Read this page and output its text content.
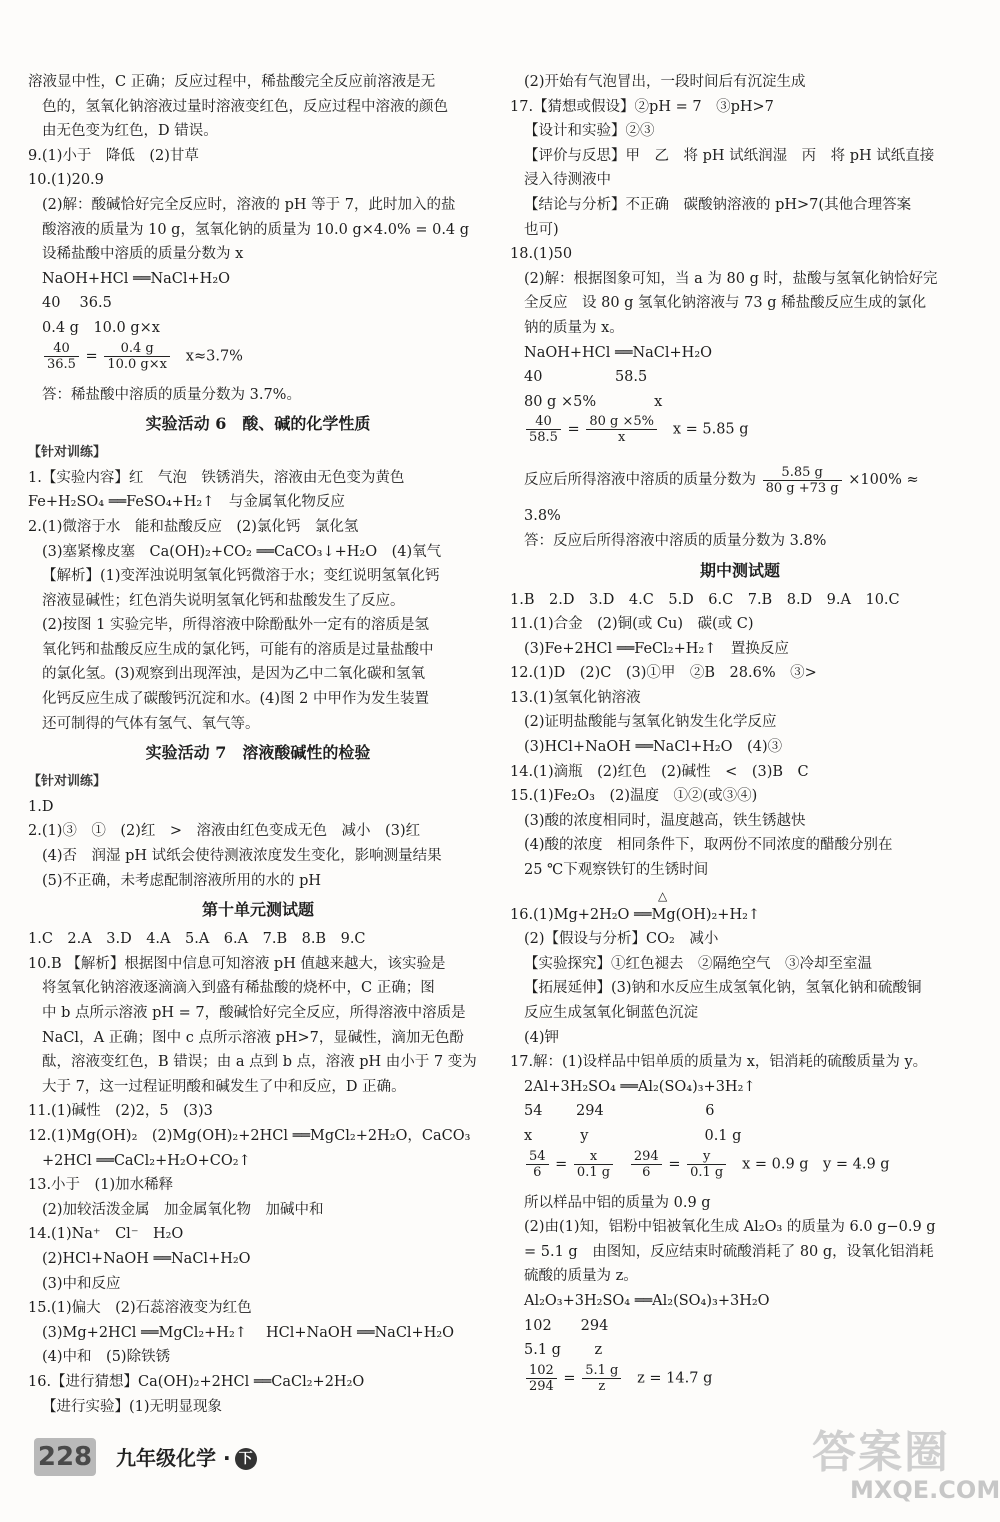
溶液显中性，C 正确；反应过程中，稀盐酸完全反应前溶液是无
色的，氢氧化钠溶液过量时溶液变红色，反应过程中溶液的颜色
由无色变为红色，D 错误。
9.(1)小于　降低　(2)甘草
10.(1)20.9
(2)解：酸碱恰好完全反应时，溶液的 pH 等于 7，此时加入的盐
酸溶液的质量为 10 g，氢氧化钠的质量为 10.0 g×4.0% = 0.4 g
设稀盐酸中溶质的质量分数为 x
NaOH+HCl ══NaCl+H₂O
40　 36.5
0.4 g　10.0 g×x
$\frac{40}{36.5} = \frac{0.4 g}{10.0 g\times x} x\approx 3.7\%$
答：稀盐酸中溶质的质量分数为 3.7%。
实验活动 6　酸、碱的化学性质
【针对训练】
1.【实验内容】红　气泡　铁锈消失，溶液由无色变为黄色
Fe+H₂SO₄ ══FeSO₄+H₂↑　与金属氧化物反应
2.(1)微溶于水　能和盐酸反应　(2)氯化钙　氯化氢
(3)塞紧橡皮塞　Ca(OH)₂+CO₂ ══CaCO₃↓+H₂O　(4)氧气
【解析】(1)变浑浊说明氢氧化钙微溶于水；变红说明氢氧化钙
溶液显碱性；红色消失说明氢氧化钙和盐酸发生了反应。
(2)按图 1 实验完毕，所得溶液中除酚酞外一定有的溶质是氢
氧化钙和盐酸反应生成的氯化钙，可能有的溶质是过量盐酸中
的氯化氢。(3)观察到出现浑浊，是因为乙中二氧化碳和氢氧
化钙反应生成了碳酸钙沉淀和水。(4)图 2 中甲作为发生装置
还可制得的气体有氢气、氧气等。
实验活动 7　溶液酸碱性的检验
【针对训练】
1.D
2.(1)③　①　(2)红　>　溶液由红色变成无色　减小　(3)红
(4)否　润湿 pH 试纸会使待测液浓度发生变化，影响测量结果
(5)不正确，未考虑配制溶液所用的水的 pH
第十单元测试题
1.C　2.A　3.D　4.A　5.A　6.A　7.B　8.B　9.C
10.B 【解析】根据图中信息可知溶液 pH 值越来越大，该实验是
将氢氧化钠溶液逐滴滴入到盛有稀盐酸的烧杯中，C 正确；图
中 b 点所示溶液 pH = 7，酸碱恰好完全反应，所得溶液中溶质是
NaCl，A 正确；图中 c 点所示溶液 pH>7，显碱性，滴加无色酚
酞，溶液变红色，B 错误；由 a 点到 b 点，溶液 pH 由小于 7 变为
大于 7，这一过程证明酸和碱发生了中和反应，D 正确。
11.(1)碱性　(2)2，5　(3)3
12.(1)Mg(OH)₂　(2)Mg(OH)₂+2HCl ══MgCl₂+2H₂O，CaCO₃
+2HCl ══CaCl₂+H₂O+CO₂↑
13.小于　(1)加水稀释
(2)加较活泼金属　加金属氧化物　加碱中和
14.(1)Na⁺　Cl⁻　H₂O
(2)HCl+NaOH ══NaCl+H₂O
(3)中和反应
15.(1)偏大　(2)石蕊溶液变为红色
(3)Mg+2HCl ══MgCl₂+H₂↑　 HCl+NaOH ══NaCl+H₂O
(4)中和　(5)除铁锈
16.【进行猜想】Ca(OH)₂+2HCl ══CaCl₂+2H₂O
【进行实验】(1)无明显现象
(2)开始有气泡冒出，一段时间后有沉淀生成
17.【猜想或假设】②pH = 7　③pH>7
【设计和实验】②③
【评价与反思】甲　乙　将 pH 试纸润湿　丙　将 pH 试纸直接
浸入待测液中
【结论与分析】不正确　碳酸钠溶液的 pH>7(其他合理答案
也可)
18.(1)50
(2)解：根据图象可知，当 a 为 80 g 时，盐酸与氢氧化钠恰好完
全反应　设 80 g 氢氧化钠溶液与 73 g 稀盐酸反应生成的氯化
钠的质量为 x。
NaOH+HCl ══NaCl+H₂O
40　　　　　58.5
80 g ×5%　　　　x
$\frac{40}{58.5} = \frac{80 g \times 5\%}{x}$ x = 5.85 g
反应后所得溶液中溶质的质量分数为 $\frac{5.85 g}{80 g +73 g} \times 100\%$ ≈
3.8%
答：反应后所得溶液中溶质的质量分数为 3.8%
期中测试题
1.B　2.D　3.D　4.C　5.D　6.C　7.B　8.D　9.A　10.C
11.(1)合金　(2)铜(或 Cu)　碳(或 C)
(3)Fe+2HCl ══FeCl₂+H₂↑　置换反应
12.(1)D　(2)C　(3)①甲　②B　28.6%　③>
13.(1)氢氧化钠溶液
(2)证明盐酸能与氢氧化钠发生化学反应
(3)HCl+NaOH ══NaCl+H₂O　(4)③
14.(1)滴瓶　(2)红色　(2)碱性　<　(3)B　C
15.(1)Fe₂O₃　(2)温度　①②(或③④)
(3)酸的浓度相同时，温度越高，铁生锈越快
(4)酸的浓度　相同条件下，取两份不同浓度的醋酸分别在
25 ℃下观察铁钉的生锈时间
△
16.(1)Mg+2H₂O ══Mg(OH)₂+H₂↑
(2)【假设与分析】CO₂　减小
【实验探究】①红色褪去　②隔绝空气　③冷却至室温
【拓展延伸】(3)钠和水反应生成氢氧化钠，氢氧化钠和硫酸铜
反应生成氢氧化铜蓝色沉淀
(4)钾
17.解：(1)设样品中铝单质的质量为 x，铝消耗的硫酸质量为 y。
2Al+3H₂SO₄ ══Al₂(SO₄)₃+3H₂↑
54　　 294　　　　　　　6
x　　　 y　　　　　　　　0.1 g
$\frac{54}{6} = \frac{x}{0.1 g}$
$\frac{294}{6} = \frac{y}{0.1 g}$ x = 0.9 g　y = 4.9 g
所以样品中铝的质量为 0.9 g
(2)由(1)知，铝粉中铝被氧化生成 Al₂O₃ 的质量为 6.0 g−0.9 g
= 5.1 g　由图知，反应结束时硫酸消耗了 80 g，设氧化铝消耗
硫酸的质量为 z。
Al₂O₃+3H₂SO₄ ══Al₂(SO₄)₃+3H₂O
102　　294
5.1 g　　 z
$\frac{102}{294} = \frac{5.1 g}{z}$ z = 14.7 g
228 九年级化学 · 下	答案圈
MXQE.COM
